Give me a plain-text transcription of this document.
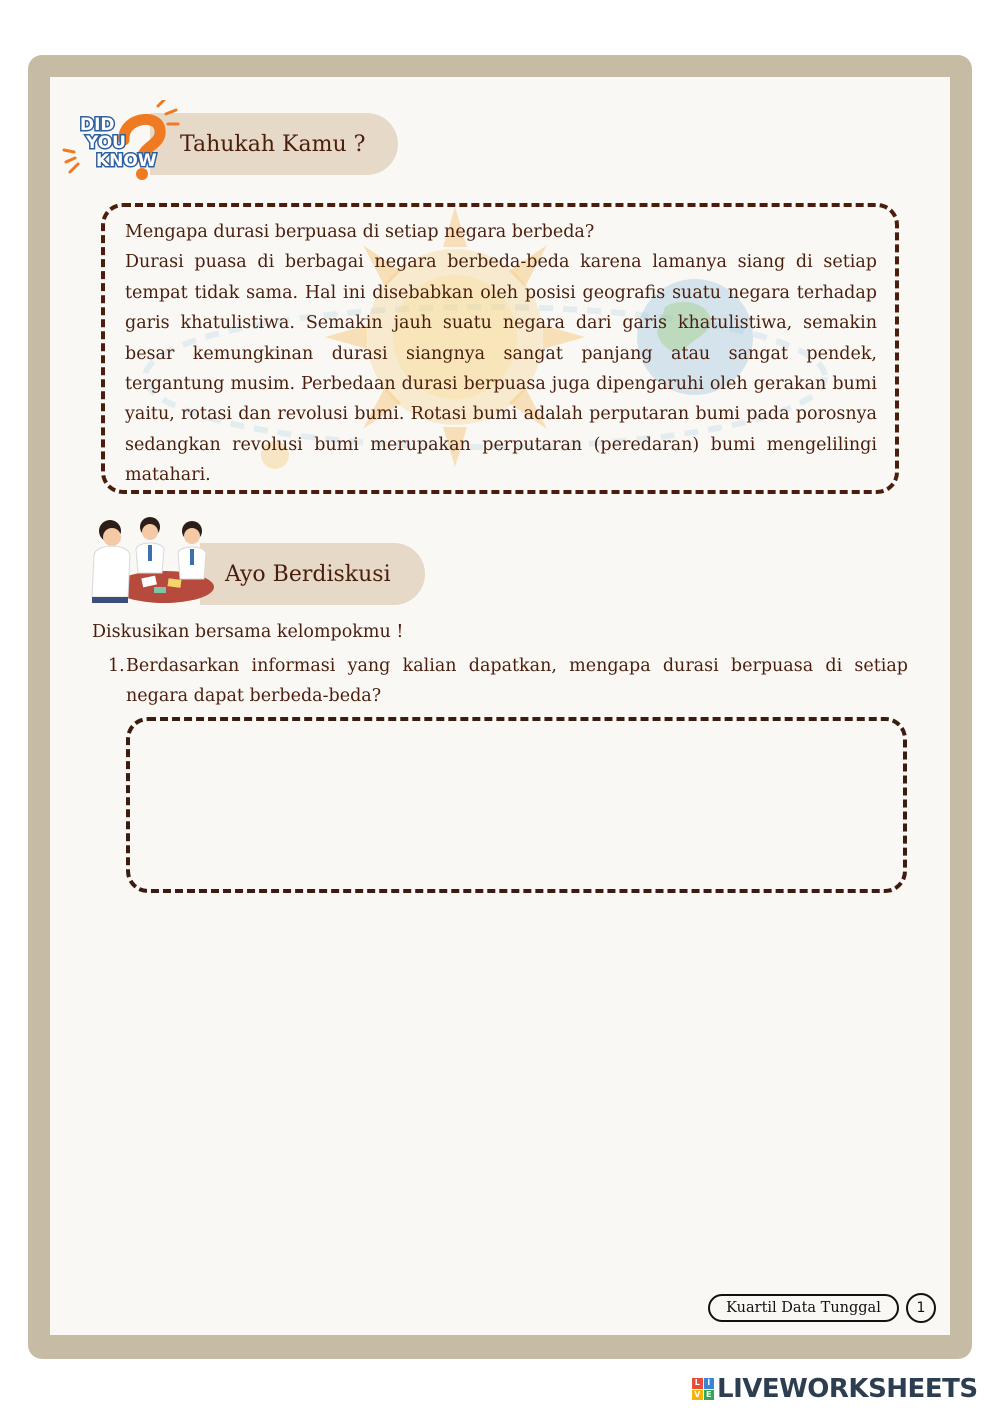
Tahukah Kamu ?
DID
YOU
KNOW

Mengapa durasi berpuasa di setiap negara berbeda?

Durasi puasa di berbagai negara berbeda-beda karena lamanya siang di setiap tempat tidak sama. Hal ini disebabkan oleh posisi geografis suatu negara terhadap garis khatulistiwa. Semakin jauh suatu negara dari garis khatulistiwa, semakin besar kemungkinan durasi siangnya sangat panjang atau sangat pendek, tergantung musim. Perbedaan durasi berpuasa juga dipengaruhi oleh gerakan bumi yaitu, rotasi dan revolusi bumi. Rotasi bumi adalah perputaran bumi pada porosnya sedangkan revolusi bumi merupakan perputaran (peredaran) bumi mengelilingi matahari.

Ayo Berdiskusi
Diskusikan bersama kelompokmu !
1. Berdasarkan informasi yang kalian dapatkan, mengapa durasi berpuasa di setiap negara dapat berbeda-beda?
Kuartil Data Tunggal	1
L I
V E LIVEWORKSHEETS
